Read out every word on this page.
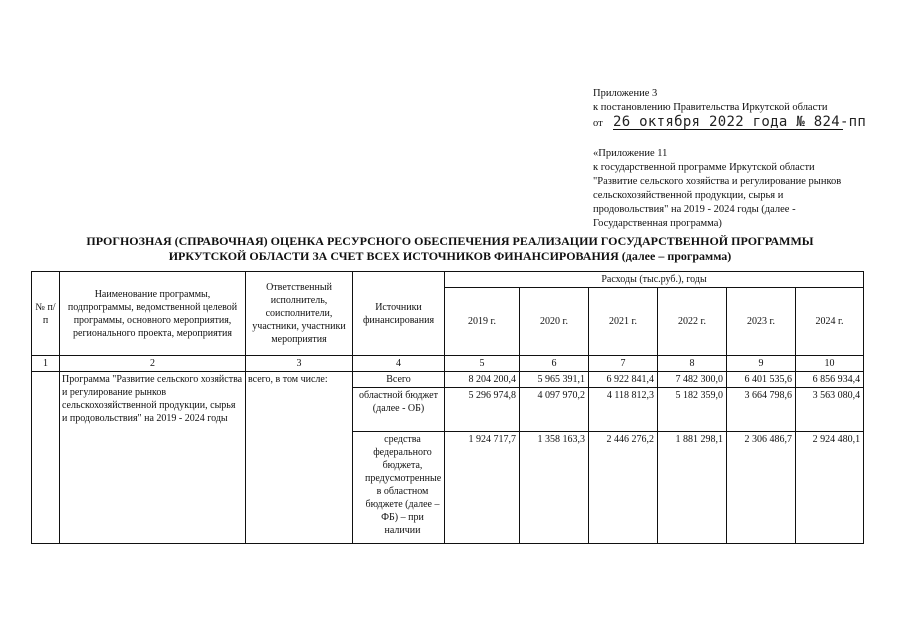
Приложение 3
к постановлению Правительства Иркутской области
от 26 октября 2022 года № 824-пп
«Приложение 11
к государственной программе Иркутской области
"Развитие сельского хозяйства и регулирование рынков
сельскохозяйственной продукции, сырья и
продовольствия" на 2019 - 2024 годы (далее -
Государственная программа)
ПРОГНОЗНАЯ (СПРАВОЧНАЯ) ОЦЕНКА РЕСУРСНОГО ОБЕСПЕЧЕНИЯ РЕАЛИЗАЦИИ ГОСУДАРСТВЕННОЙ ПРОГРАММЫ
ИРКУТСКОЙ ОБЛАСТИ ЗА СЧЕТ ВСЕХ ИСТОЧНИКОВ ФИНАНСИРОВАНИЯ (далее – программа)
№ п/п	Наименование программы, подпрограммы, ведомственной целевой программы, основного мероприятия, регионального проекта, мероприятия	Ответственный исполнитель, соисполнители, участники, участники мероприятия	Источники финансирования	Расходы (тыс.руб.), годы					
				2019 г.	2020 г.	2021 г.	2022 г.	2023 г.	2024 г.
1	2	3	4	5	6	7	8	9	10
	Программа "Развитие сельского хозяйства и регулирование рынков сельскохозяйственной продукции, сырья и продовольствия" на 2019 - 2024 годы	всего, в том числе:	Всего	8 204 200,4	5 965 391,1	6 922 841,4	7 482 300,0	6 401 535,6	6 856 934,4
			областной бюджет (далее - ОБ)	5 296 974,8	4 097 970,2	4 118 812,3	5 182 359,0	3 664 798,6	3 563 080,4
			средства федерального бюджета, предусмотренные в областном бюджете (далее – ФБ) – при наличии	1 924 717,7	1 358 163,3	2 446 276,2	1 881 298,1	2 306 486,7	2 924 480,1
